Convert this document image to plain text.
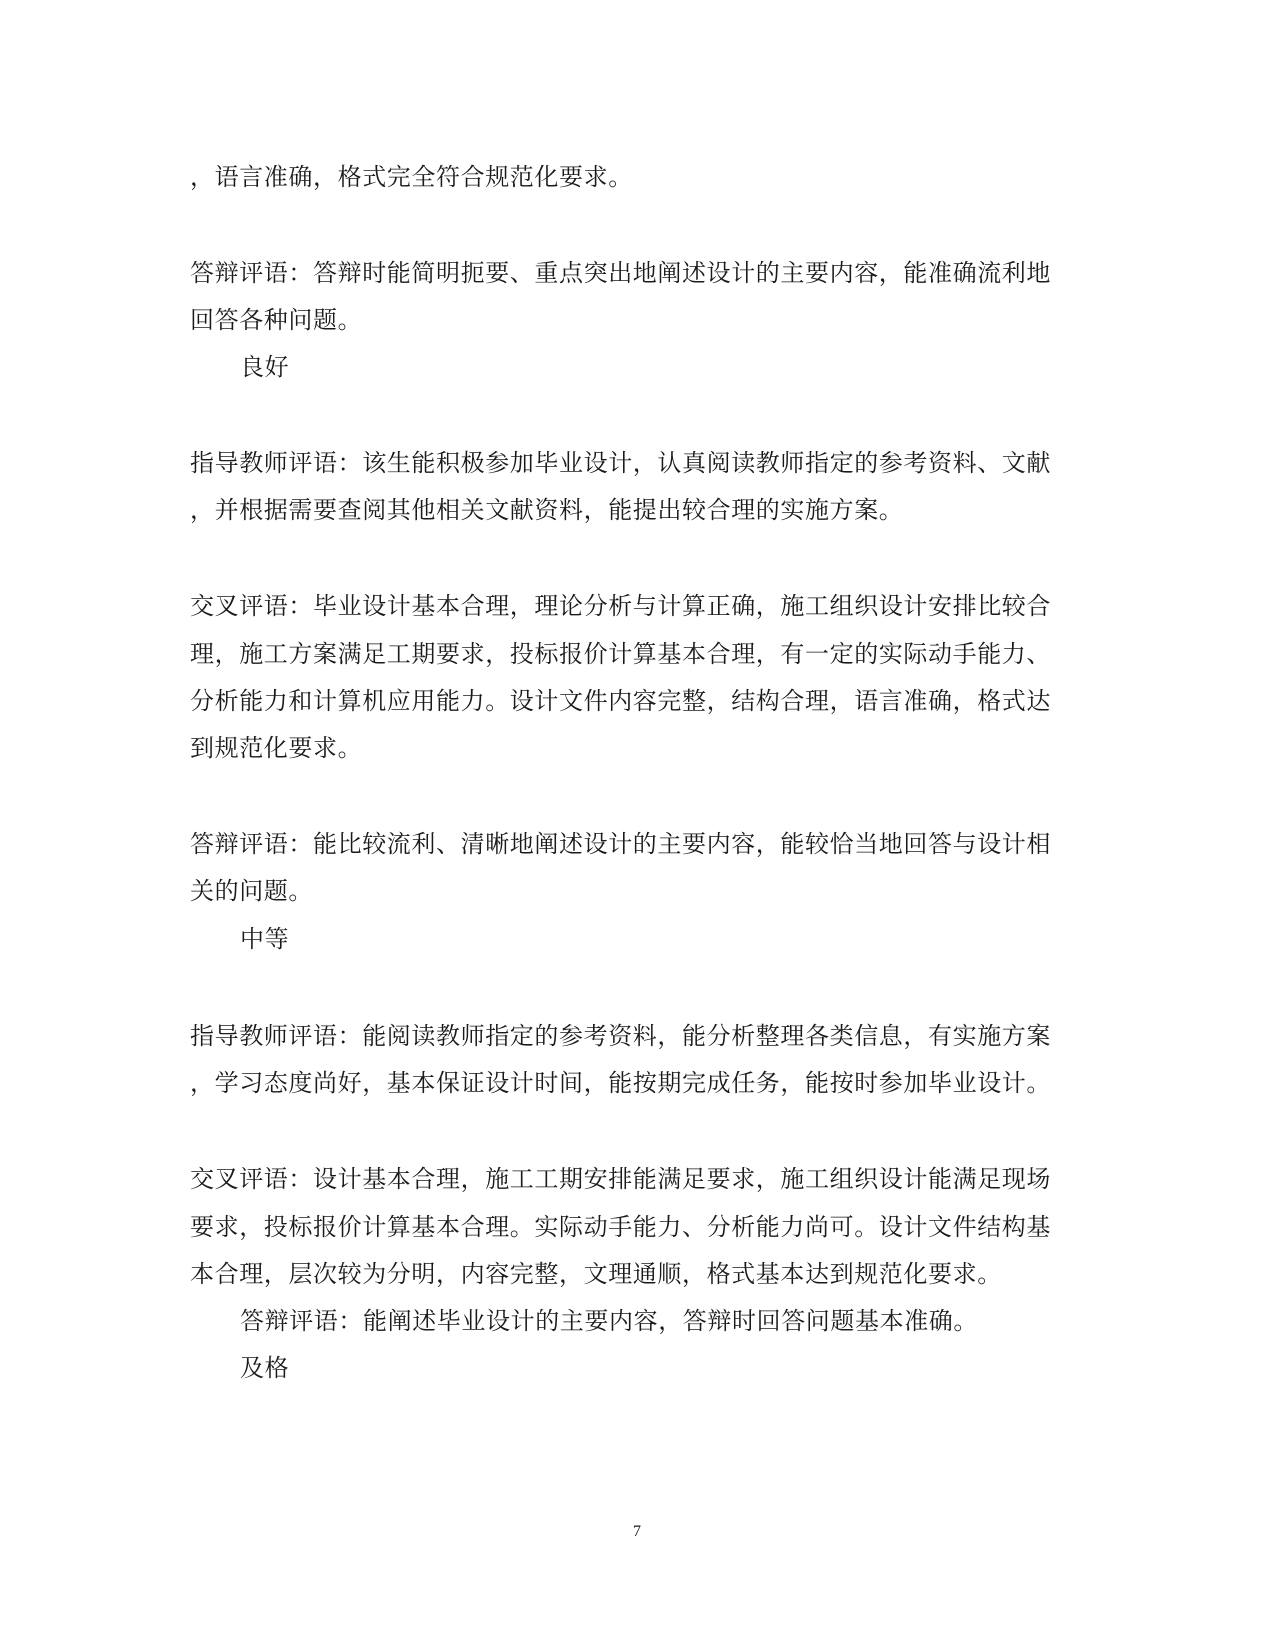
，语言准确，格式完全符合规范化要求。
答辩评语：答辩时能简明扼要、重点突出地阐述设计的主要内容，能准确流利地
回答各种问题。
良好
指导教师评语：该生能积极参加毕业设计，认真阅读教师指定的参考资料、文献
，并根据需要查阅其他相关文献资料，能提出较合理的实施方案。
交叉评语：毕业设计基本合理，理论分析与计算正确，施工组织设计安排比较合
理，施工方案满足工期要求，投标报价计算基本合理，有一定的实际动手能力、
分析能力和计算机应用能力。设计文件内容完整，结构合理，语言准确，格式达
到规范化要求。
答辩评语：能比较流利、清晰地阐述设计的主要内容，能较恰当地回答与设计相
关的问题。
中等
指导教师评语：能阅读教师指定的参考资料，能分析整理各类信息，有实施方案
，学习态度尚好，基本保证设计时间，能按期完成任务，能按时参加毕业设计。
交叉评语：设计基本合理，施工工期安排能满足要求，施工组织设计能满足现场
要求，投标报价计算基本合理。实际动手能力、分析能力尚可。设计文件结构基
本合理，层次较为分明，内容完整，文理通顺，格式基本达到规范化要求。
答辩评语：能阐述毕业设计的主要内容，答辩时回答问题基本准确。
及格
7
